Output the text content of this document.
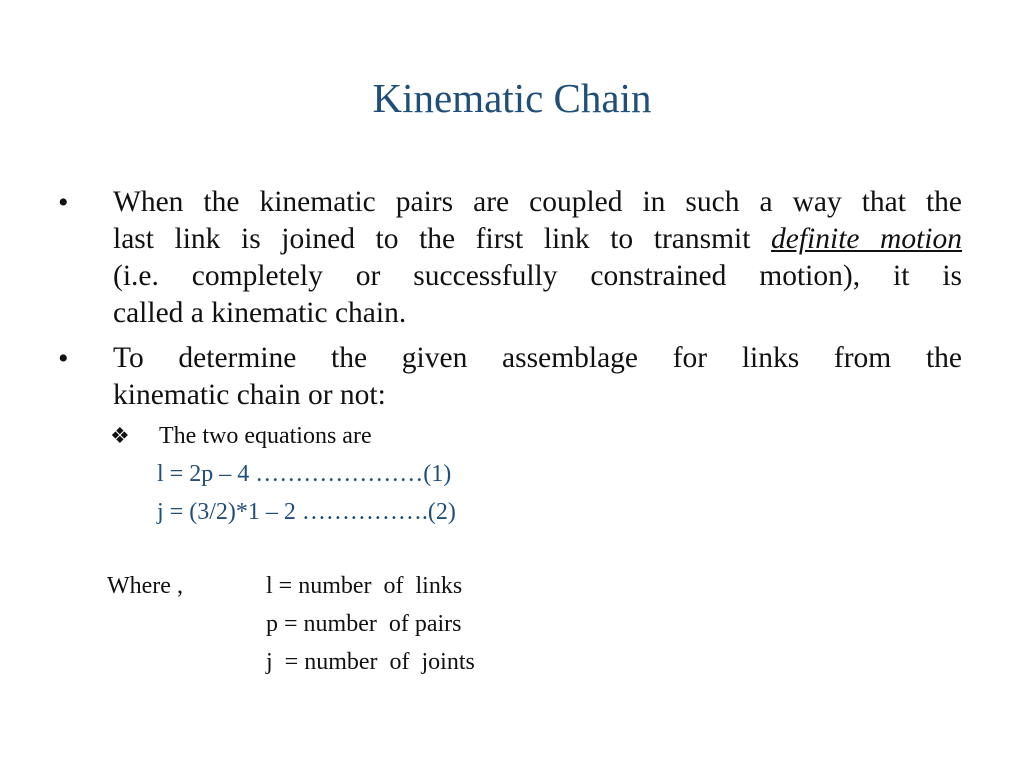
Kinematic Chain
• When the kinematic pairs are coupled in such a way that the
last link is joined to the first link to transmit definite motion
(i.e. completely or successfully constrained motion), it is
called a kinematic chain.
• To determine the given assemblage for links from the
kinematic chain or not:
❖ The two equations are
l = 2p – 4 …………………(1)
j = (3/2)*1 – 2 …………….(2)
Where ,	l = number  of  links
p = number  of pairs
j  = number  of  joints
